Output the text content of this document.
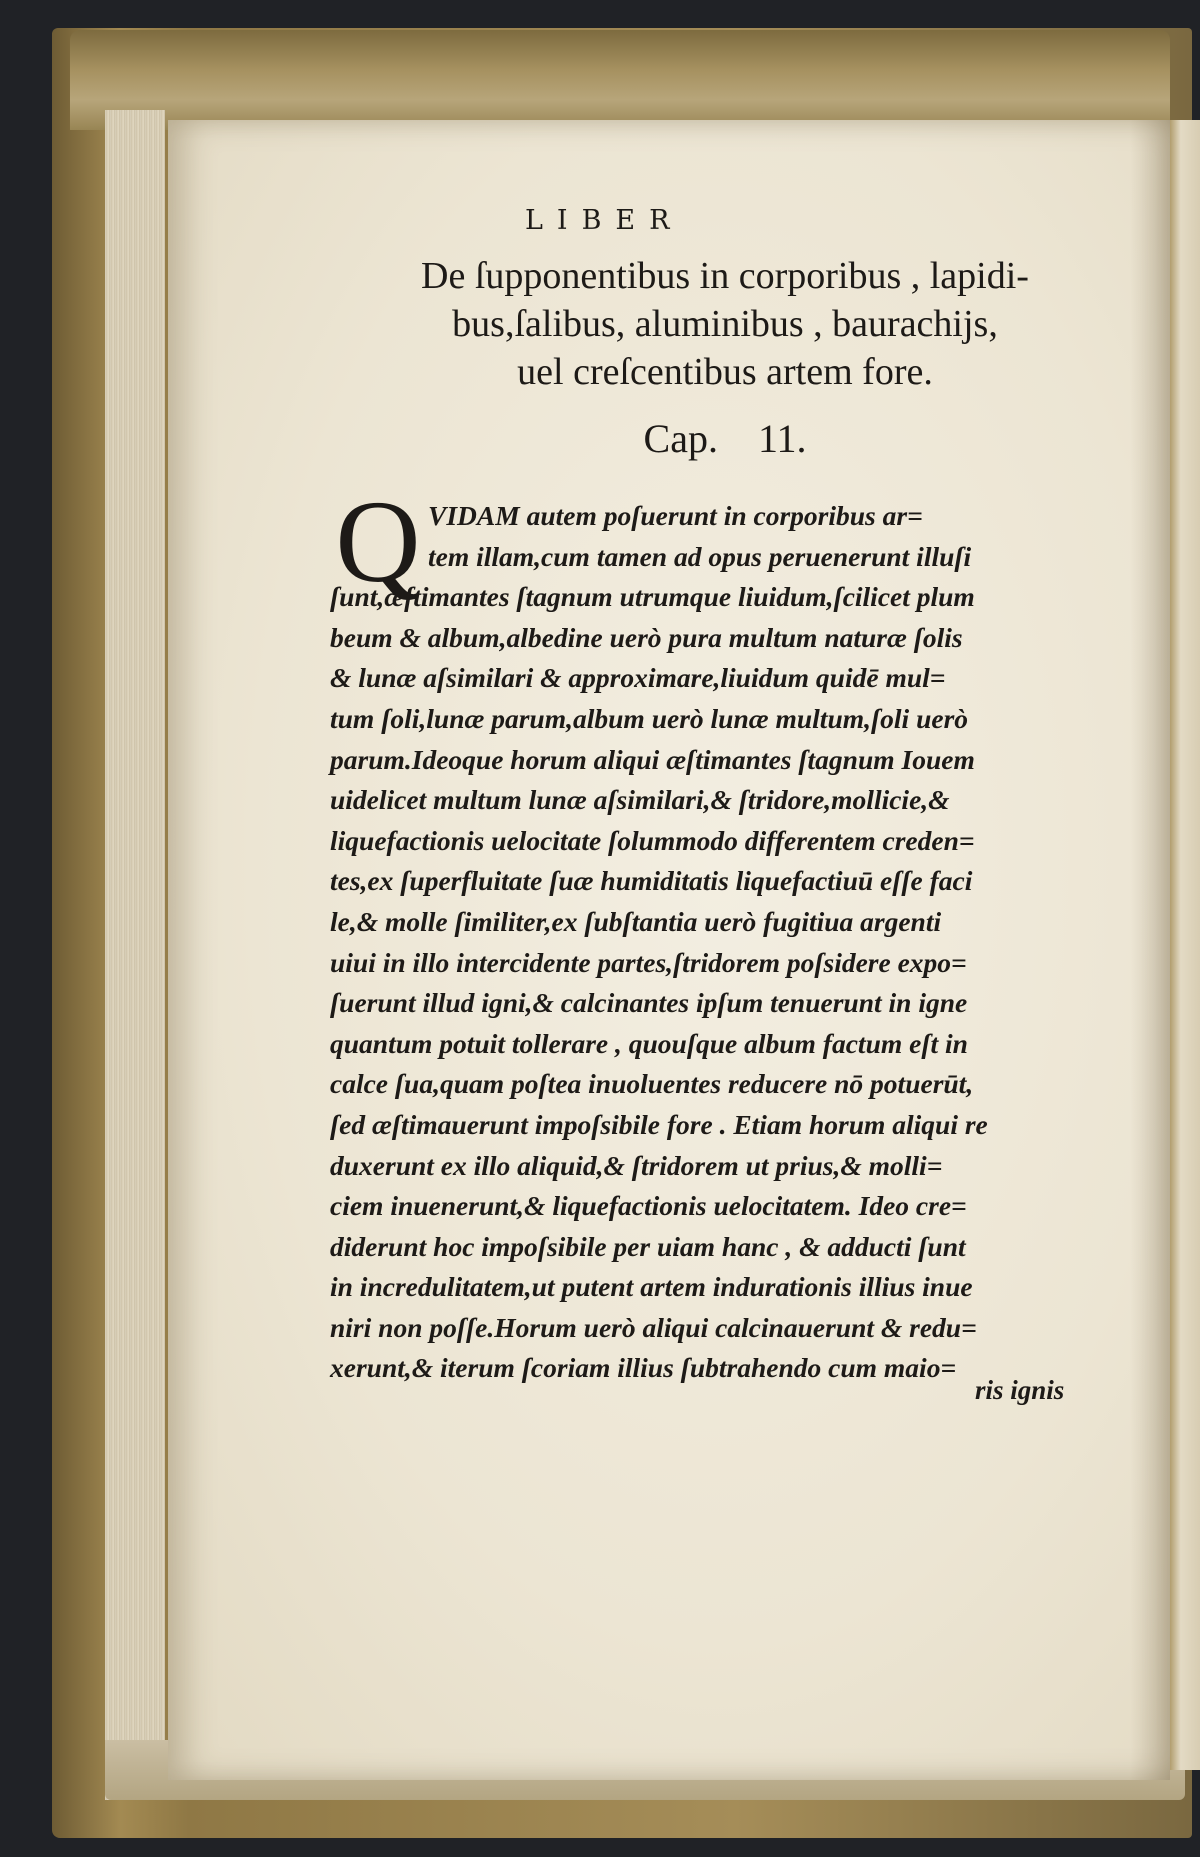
LIBER
De ſupponentibus in corporibus , lapidi-
bus,ſalibus, aluminibus , baurachijs,
uel creſcentibus artem fore.
Cap. 11.
Q VIDAM autem poſuerunt in corporibus ar=
tem illam,cum tamen ad opus peruenerunt illuſi
ſunt,æſtimantes ſtagnum utrumque liuidum,ſcilicet plum
beum & album,albedine uerò pura multum naturæ ſolis
& lunæ aſsimilari & approximare,liuidum quidē mul=
tum ſoli,lunæ parum,album uerò lunæ multum,ſoli uerò
parum.Ideoque horum aliqui æſtimantes ſtagnum Iouem
uidelicet multum lunæ aſsimilari,& ſtridore,mollicie,&
liquefactionis uelocitate ſolummodo differentem creden=
tes,ex ſuperfluitate ſuæ humiditatis liquefactiuū eſſe faci
le,& molle ſimiliter,ex ſubſtantia uerò fugitiua argenti
uiui in illo intercidente partes,ſtridorem poſsidere expo=
ſuerunt illud igni,& calcinantes ipſum tenuerunt in igne
quantum potuit tollerare , quouſque album factum eſt in
calce ſua,quam poſtea inuoluentes reducere nō potuerūt,
ſed æſtimauerunt impoſsibile fore . Etiam horum aliqui re
duxerunt ex illo aliquid,& ſtridorem ut prius,& molli=
ciem inuenerunt,& liquefactionis uelocitatem. Ideo cre=
diderunt hoc impoſsibile per uiam hanc , & adducti ſunt
in incredulitatem,ut putent artem indurationis illius inue
niri non poſſe.Horum uerò aliqui calcinauerunt & redu=
xerunt,& iterum ſcoriam illius ſubtrahendo cum maio=
ris ignis
